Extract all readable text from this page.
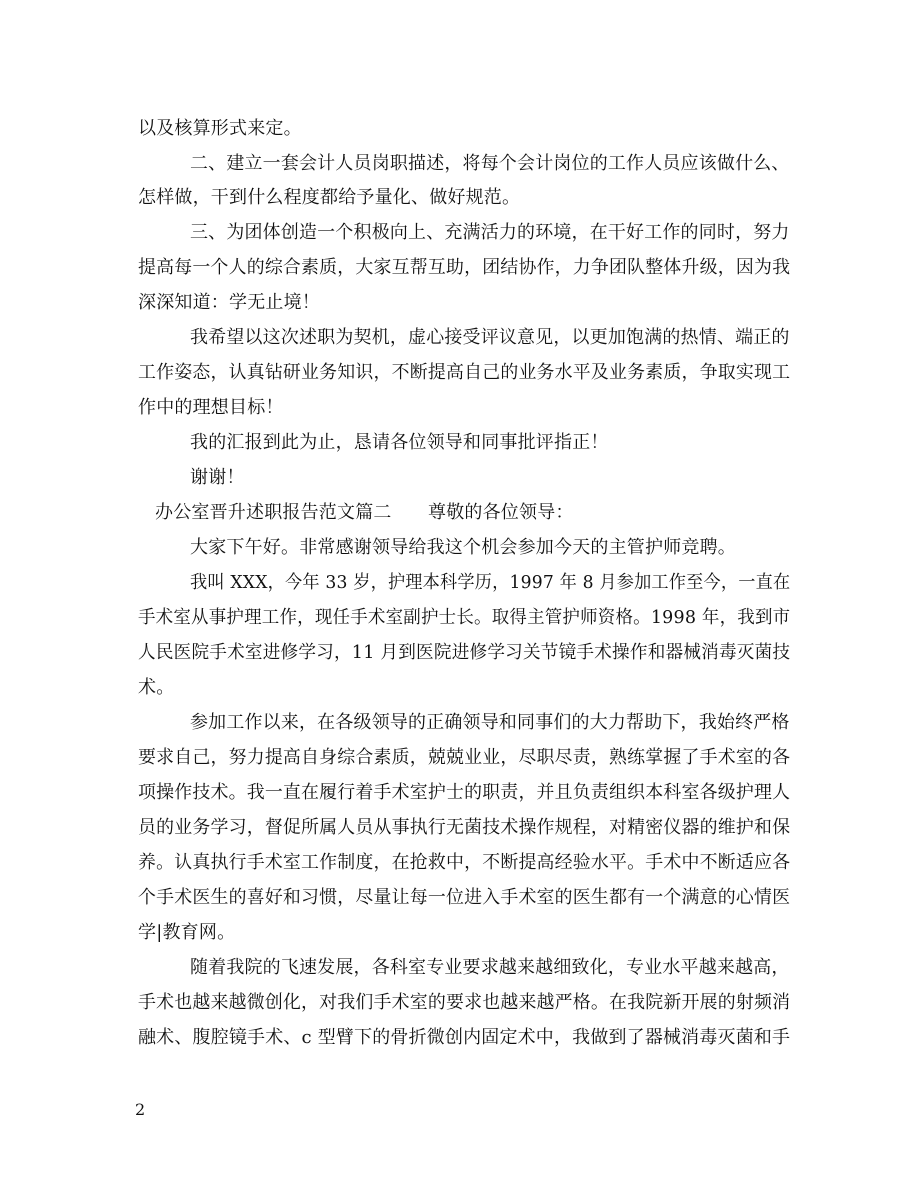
以及核算形式来定。
二、建立一套会计人员岗职描述，将每个会计岗位的工作人员应该做什么、
怎样做，干到什么程度都给予量化、做好规范。
三、为团体创造一个积极向上、充满活力的环境，在干好工作的同时，努力
提高每一个人的综合素质，大家互帮互助，团结协作，力争团队整体升级，因为我
深深知道：学无止境！
我希望以这次述职为契机，虚心接受评议意见，以更加饱满的热情、端正的
工作姿态，认真钻研业务知识，不断提高自己的业务水平及业务素质，争取实现工
作中的理想目标！
我的汇报到此为止，恳请各位领导和同事批评指正！
谢谢！
办公室晋升述职报告范文篇二　　尊敬的各位领导：
大家下午好。非常感谢领导给我这个机会参加今天的主管护师竞聘。
我叫 XXX，今年 33 岁，护理本科学历，1997 年 8 月参加工作至今，一直在
手术室从事护理工作，现任手术室副护士长。取得主管护师资格。1998 年，我到市
人民医院手术室进修学习，11 月到医院进修学习关节镜手术操作和器械消毒灭菌技
术。
参加工作以来，在各级领导的正确领导和同事们的大力帮助下，我始终严格
要求自己，努力提高自身综合素质，兢兢业业，尽职尽责，熟练掌握了手术室的各
项操作技术。我一直在履行着手术室护士的职责，并且负责组织本科室各级护理人
员的业务学习，督促所属人员从事执行无菌技术操作规程，对精密仪器的维护和保
养。认真执行手术室工作制度，在抢救中，不断提高经验水平。手术中不断适应各
个手术医生的喜好和习惯，尽量让每一位进入手术室的医生都有一个满意的心情医
学|教育网。
随着我院的飞速发展，各科室专业要求越来越细致化，专业水平越来越高，
手术也越来越微创化，对我们手术室的要求也越来越严格。在我院新开展的射频消
融术、腹腔镜手术、c 型臂下的骨折微创内固定术中，我做到了器械消毒灭菌和手
2
